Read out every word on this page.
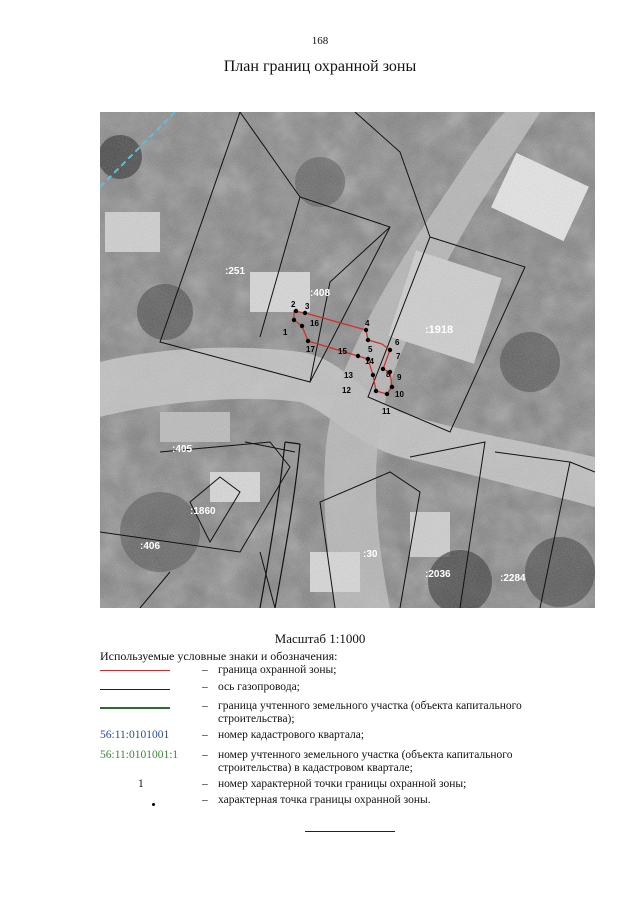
168
План границ охранной зоны
1
2 3
4
5
6
7
8 9
10
11
12
13
14
15
16
17
:251
:408
:1918
:405
:1860
:406
:30
:2036	:2284
Масштаб 1:1000
Используемые условные знаки и обозначения:
– граница охранной зоны;
– ось газопровода;
– граница учтенного земельного участка (объекта капитального строительства);
56:11:0101001	– номер кадастрового квартала;
56:11:0101001:1 – номер учтенного земельного участка (объекта капитального строительства) в кадастровом квартале;
1	– номер характерной точки границы охранной зоны;
– характерная точка границы охранной зоны.
